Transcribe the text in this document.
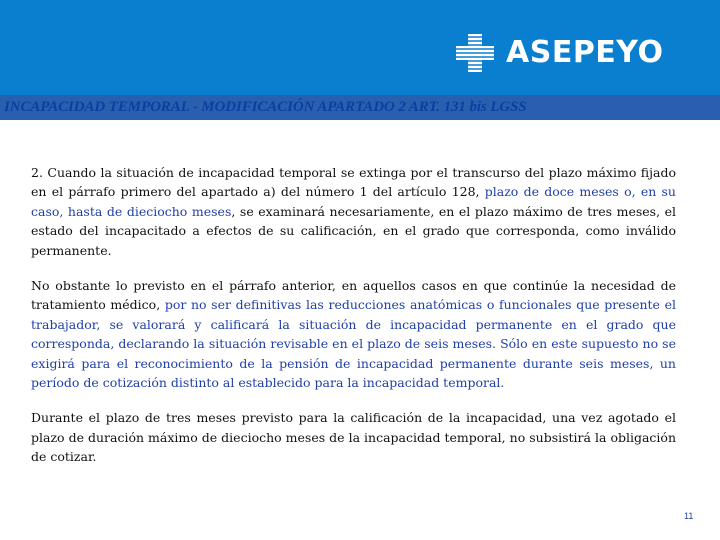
ASEPEYO
INCAPACIDAD TEMPORAL - MODIFICACIÓN APARTADO 2 ART. 131 bis LGSS

2. Cuando la situación de incapacidad temporal se extinga por el transcurso del plazo máximo fijado en el párrafo primero del apartado a) del número 1 del artículo 128, plazo de doce meses o, en su caso, hasta de dieciocho meses, se examinará necesariamente, en el plazo máximo de tres meses, el estado del incapacitado a efectos de su calificación, en el grado que corresponda, como inválido permanente.

No obstante lo previsto en el párrafo anterior, en aquellos casos en que continúe la necesidad de tratamiento médico, por no ser definitivas las reducciones anatómicas o funcionales que presente el trabajador, se valorará y calificará la situación de incapacidad permanente en el grado que corresponda, declarando la situación revisable en el plazo de seis meses. Sólo en este supuesto no se exigirá para el reconocimiento de la pensión de incapacidad permanente durante seis meses, un período de cotización distinto al establecido para la incapacidad temporal.

Durante el plazo de tres meses previsto para la calificación de la incapacidad, una vez agotado el plazo de duración máximo de dieciocho meses de la incapacidad temporal, no subsistirá la obligación de cotizar.

11
